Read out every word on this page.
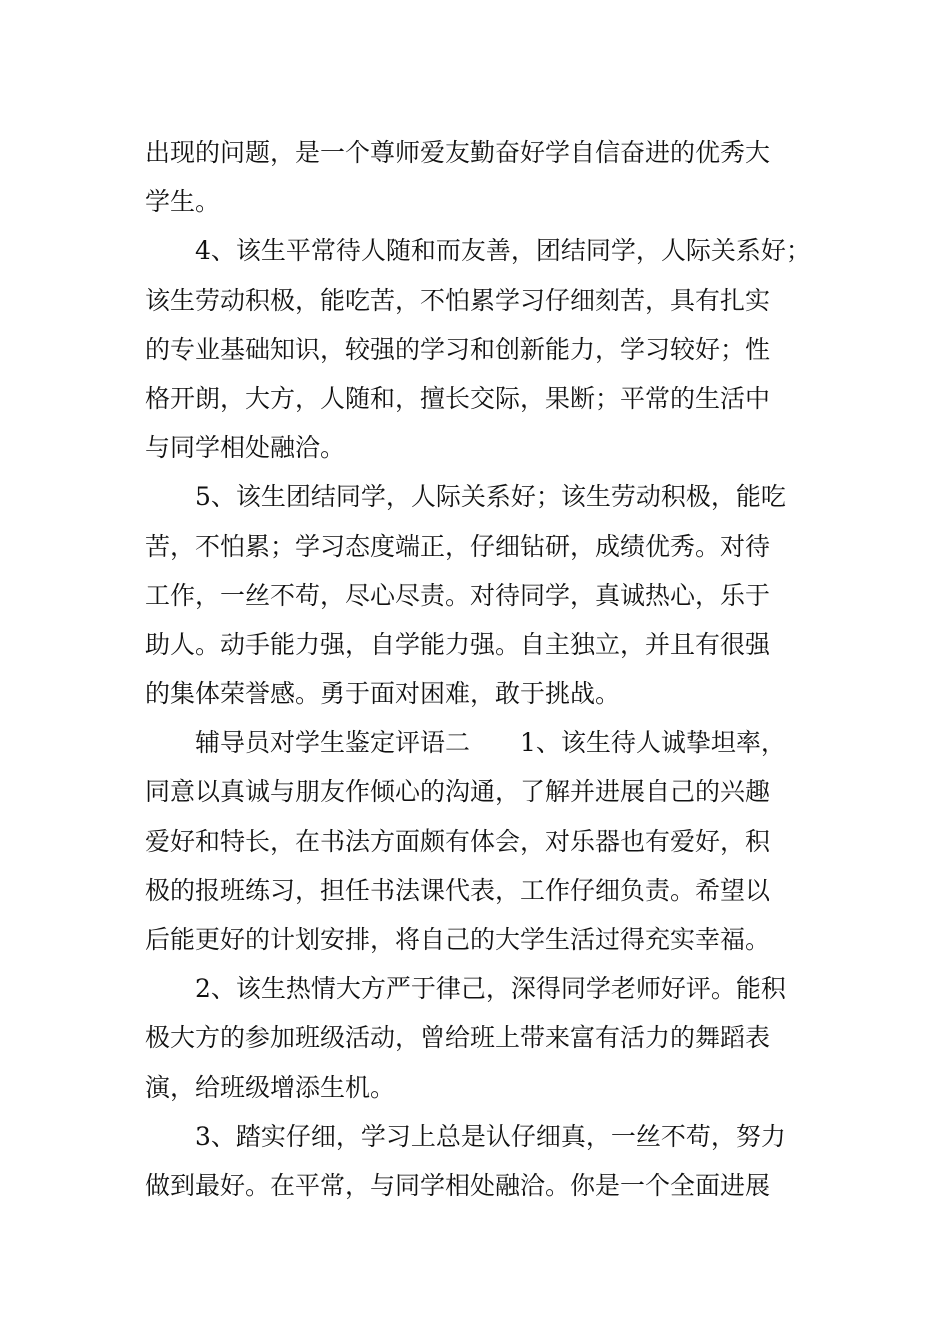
出现的问题，是一个尊师爱友勤奋好学自信奋进的优秀大
学生。
4、该生平常待人随和而友善，团结同学，人际关系好；
该生劳动积极，能吃苦，不怕累学习仔细刻苦，具有扎实
的专业基础知识，较强的学习和创新能力，学习较好；性
格开朗，大方，人随和，擅长交际，果断；平常的生活中
与同学相处融洽。
5、该生团结同学，人际关系好；该生劳动积极，能吃
苦，不怕累；学习态度端正，仔细钻研，成绩优秀。对待
工作，一丝不苟，尽心尽责。对待同学，真诚热心，乐于
助人。动手能力强，自学能力强。自主独立，并且有很强
的集体荣誉感。勇于面对困难，敢于挑战。
辅导员对学生鉴定评语二　　1、该生待人诚挚坦率，
同意以真诚与朋友作倾心的沟通，了解并进展自己的兴趣
爱好和特长，在书法方面颇有体会，对乐器也有爱好，积
极的报班练习，担任书法课代表，工作仔细负责。希望以
后能更好的计划安排，将自己的大学生活过得充实幸福。
2、该生热情大方严于律己，深得同学老师好评。能积
极大方的参加班级活动，曾给班上带来富有活力的舞蹈表
演，给班级增添生机。
3、踏实仔细，学习上总是认仔细真，一丝不苟，努力
做到最好。在平常，与同学相处融洽。你是一个全面进展
